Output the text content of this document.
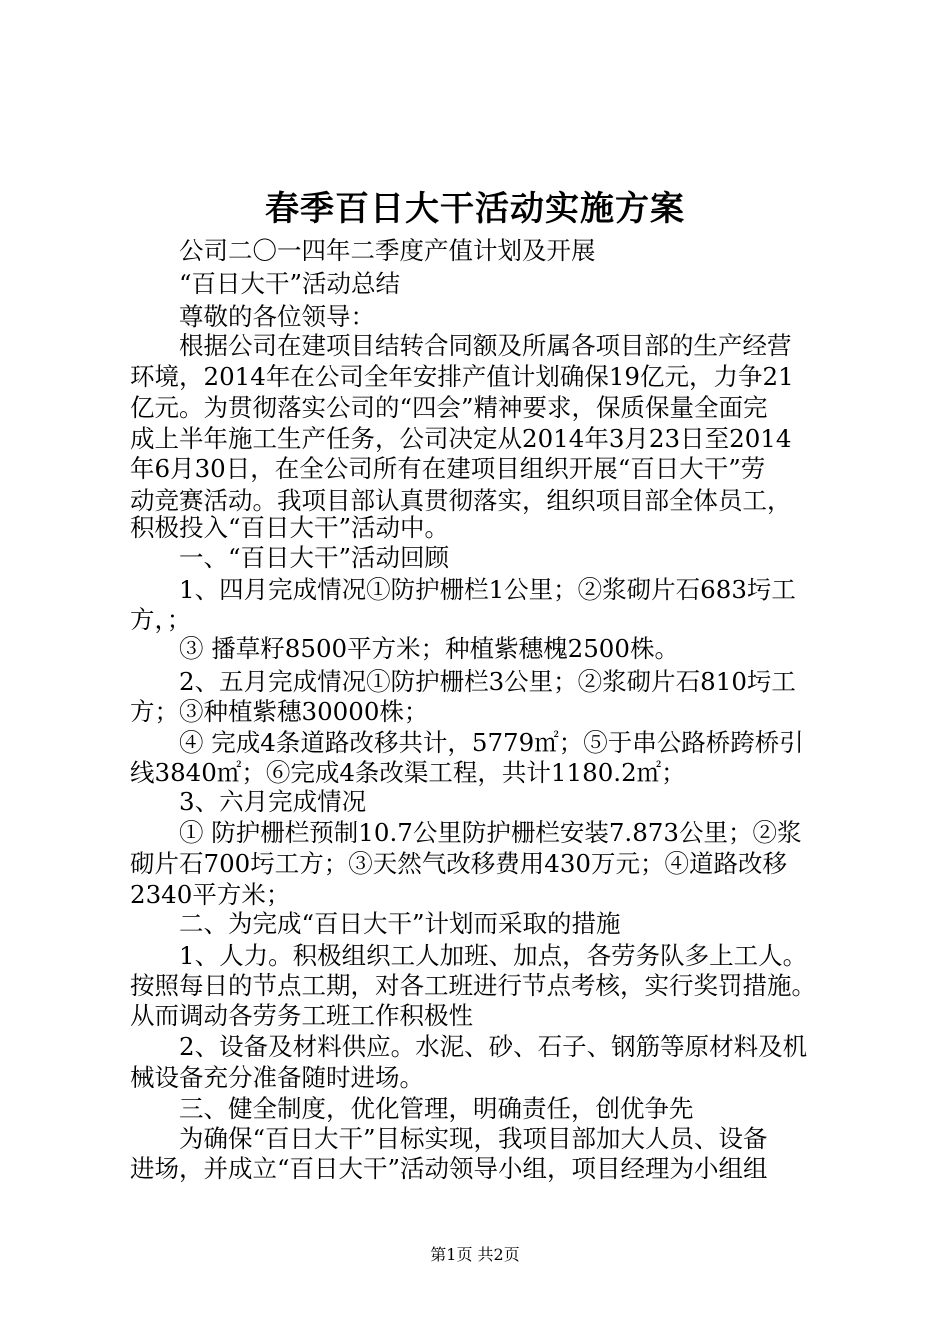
春季百日大干活动实施方案
　　公司二〇一四年二季度产值计划及开展
　　“百日大干”活动总结
　　尊敬的各位领导：
　　根据公司在建项目结转合同额及所属各项目部的生产经营
环境，2014年在公司全年安排产值计划确保19亿元，力争21
亿元。为贯彻落实公司的“四会”精神要求，保质保量全面完
成上半年施工生产任务，公司决定从2014年3月23日至2014
年6月30日，在全公司所有在建项目组织开展“百日大干”劳
动竞赛活动。我项目部认真贯彻落实，组织项目部全体员工，
积极投入“百日大干”活动中。
　　一、“百日大干”活动回顾
　　1、四月完成情况①防护栅栏1公里；②浆砌片石683圬工
方，；
　　③ 播草籽8500平方米；种植紫穗槐2500株。
　　2、五月完成情况①防护栅栏3公里；②浆砌片石810圬工
方；③种植紫穗30000株；
　　④ 完成4条道路改移共计，5779㎡；⑤于串公路桥跨桥引
线3840㎡；⑥完成4条改渠工程，共计1180.2㎡；
　　3、六月完成情况
　　① 防护栅栏预制10.7公里防护栅栏安装7.873公里；②浆
砌片石700圬工方；③天然气改移费用430万元；④道路改移
2340平方米；
　　二、为完成“百日大干”计划而采取的措施
　　1、人力。积极组织工人加班、加点，各劳务队多上工人。
按照每日的节点工期，对各工班进行节点考核，实行奖罚措施。
从而调动各劳务工班工作积极性
　　2、设备及材料供应。水泥、砂、石子、钢筋等原材料及机
械设备充分准备随时进场。
　　三、健全制度，优化管理，明确责任，创优争先
　　为确保“百日大干”目标实现，我项目部加大人员、设备
进场，并成立“百日大干”活动领导小组，项目经理为小组组
第1页 共2页
